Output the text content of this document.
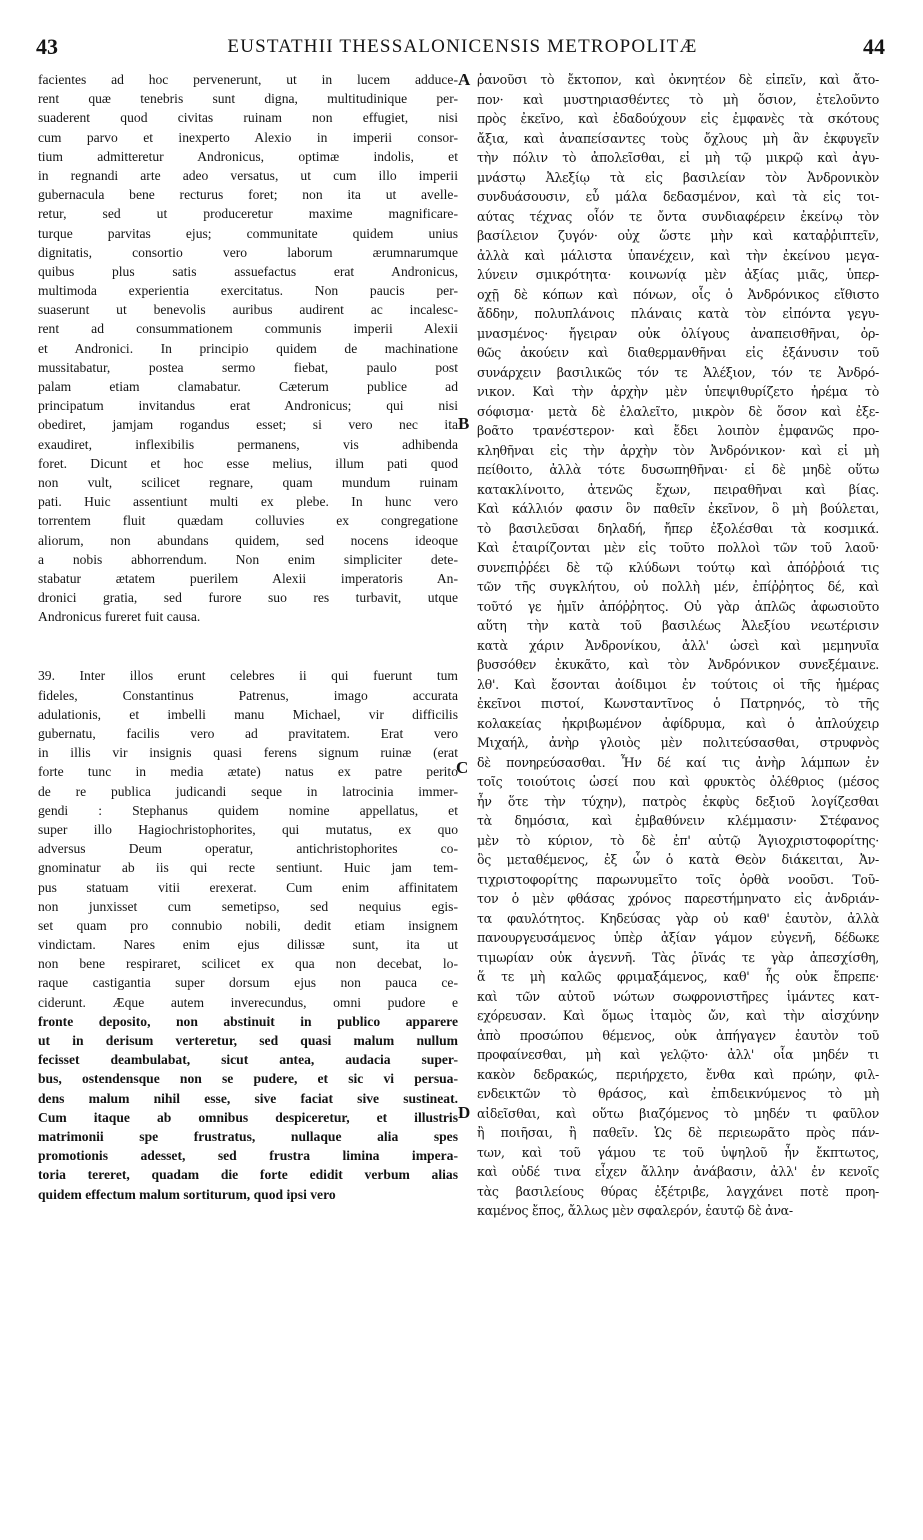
43	EUSTATHII THESSALONICENSIS METROPOLITÆ	44
facientes ad hoc pervenerunt, ut in lucem adduce-
rent quæ tenebris sunt digna, multitudinique per-
suaderent quod civitas ruinam non effugiet, nisi
cum parvo et inexperto Alexio in imperii consor-
tium admitteretur Andronicus, optimæ indolis, et
in regnandi arte adeo versatus, ut cum illo imperii
gubernacula bene recturus foret; non ita ut avelle-
retur, sed ut produceretur maxime magnificare-
turque parvitas ejus; communitate quidem unius
dignitatis, consortio vero laborum ærumnarumque
quibus plus satis assuefactus erat Andronicus,
multimoda experientia exercitatus. Non paucis per-
suaserunt ut benevolis auribus audirent ac incalesc-
rent ad consummationem communis imperii Alexii
et Andronici. In principio quidem de machinatione
mussitabatur, postea sermo fiebat, paulo post
palam etiam clamabatur. Cæterum publice ad
principatum invitandus erat Andronicus; qui nisi
obediret, jamjam rogandus esset; si vero nec ita
exaudiret, inflexibilis permanens, vis adhibenda
foret. Dicunt et hoc esse melius, illum pati quod
non vult, scilicet regnare, quam mundum ruinam
pati. Huic assentiunt multi ex plebe. In hunc vero
torrentem fluit quædam colluvies ex congregatione
aliorum, non abundans quidem, sed nocens ideoque
a nobis abhorrendum. Non enim simpliciter dete-
stabatur ætatem puerilem Alexii imperatoris An-
dronici gratia, sed furore suo res turbavit, utque
Andronicus fureret fuit causa.
39. Inter illos erunt celebres ii qui fuerunt tum
fideles, Constantinus Patrenus, imago accurata
adulationis, et imbelli manu Michael, vir difficilis
gubernatu, facilis vero ad pravitatem. Erat vero
in illis vir insignis quasi ferens signum ruinæ (erat
forte tunc in media ætate) natus ex patre perito
de re publica judicandi seque in latrocinia immer-
gendi : Stephanus quidem nomine appellatus, et
super illo Hagiochristophorites, qui mutatus, ex quo
adversus Deum operatur, antichristophorites co-
gnominatur ab iis qui recte sentiunt. Huic jam tem-
pus statuam vitii erexerat. Cum enim affinitatem
non junxisset cum semetipso, sed nequius egis-
set quam pro connubio nobili, dedit etiam insignem
vindictam. Nares enim ejus dilissæ sunt, ita ut
non bene respiraret, scilicet ex qua non decebat, lo-
raque castigantia super dorsum ejus non pauca ce-
ciderunt. Æque autem inverecundus, omni pudore e
fronte deposito, non abstinuit in publico apparere
ut in derisum verteretur, sed quasi malum nullum
fecisset deambulabat, sicut antea, audacia super-
bus, ostendensque non se pudere, et sic vi persua-
dens malum nihil esse, sive faciat sive sustineat.
Cum itaque ab omnibus despiceretur, et illustris
matrimonii spe frustratus, nullaque alia spes
promotionis adesset, sed frustra limina impera-
toria tereret, quadam die forte edidit verbum alias
quidem effectum malum sortiturum, quod ipsi vero
A
B
C
D
ῥανοῦσι τὸ ἔκτοπον, καὶ ὀκνητέον δὲ εἰπεῖν, καὶ ἄτο-
πον· καὶ μυστηριασθέντες τὸ μὴ ὅσιον, ἐτελοῦντο
πρὸς ἐκεῖνο, καὶ ἐδαδούχουν εἰς ἐμφανὲς τὰ σκότους
ἄξια, καὶ ἀναπείσαντες τοὺς ὄχλους μὴ ἂν ἐκφυγεῖν
τὴν πόλιν τὸ ἀπολεῖσθαι, εἰ μὴ τῷ μικρῷ καὶ ἀγυ-
μνάστῳ Ἀλεξίῳ τὰ εἰς βασιλείαν τὸν Ἀνδρονικὸν
συνδυάσουσιν, εὖ μάλα δεδασμένον, καὶ τὰ εἰς τοι-
αύτας τέχνας οἷόν τε ὄντα συνδιαφέρειν ἐκείνῳ τὸν
βασίλειον ζυγόν· οὐχ ὥστε μὴν καὶ καταῤῥιπτεῖν,
ἀλλὰ καὶ μάλιστα ὑπανέχειν, καὶ τὴν ἐκείνου μεγα-
λύνειν σμικρότητα· κοινωνίᾳ μὲν ἀξίας μιᾶς, ὑπερ-
οχῇ δὲ κόπων καὶ πόνων, οἷς ὁ Ἀνδρόνικος εἴθιστο
ἄδδην, πολυπλάνοις πλάναις κατὰ τὸν εἰπόντα γεγυ-
μνασμένος· ἤγειραν οὐκ ὀλίγους ἀναπεισθῆναι, ὀρ-
θῶς ἀκούειν καὶ διαθερμανθῆναι εἰς ἐξάνυσιν τοῦ
συνάρχειν βασιλικῶς τόν τε Ἀλέξιον, τόν τε Ἀνδρό-
νικον. Καὶ τὴν ἀρχὴν μὲν ὑπεψιθυρίζετο ἠρέμα τὸ
σόφισμα· μετὰ δὲ ἐλαλεῖτο, μικρὸν δὲ ὅσον καὶ ἐξε-
βοᾶτο τρανέστερον· καὶ ἔδει λοιπὸν ἐμφανῶς προ-
κληθῆναι εἰς τὴν ἀρχὴν τὸν Ἀνδρόνικον· καὶ εἰ μὴ
πείθοιτο, ἀλλὰ τότε δυσωπηθῆναι· εἰ δὲ μηδὲ οὕτω
κατακλίνοιτο, ἀτενῶς ἔχων, πειραθῆναι καὶ βίας.
Καὶ κάλλιόν φασιν ὃν παθεῖν ἐκεῖνον, ὃ μὴ βούλεται,
τὸ βασιλεῦσαι δηλαδή, ἤπερ ἐξολέσθαι τὰ κοσμικά.
Καὶ ἑταιρίζονται μὲν εἰς τοῦτο πολλοὶ τῶν τοῦ λαοῦ·
συνεπιῤῥέει δὲ τῷ κλύδωνι τούτῳ καὶ ἀπόῤῥοιά τις
τῶν τῆς συγκλήτου, οὐ πολλὴ μέν, ἐπίῤῥητος δέ, καὶ
τοῦτό γε ἡμῖν ἀπόῤῥητος. Οὐ γὰρ ἁπλῶς ἀφωσιοῦτο
αὕτη τὴν κατὰ τοῦ βασιλέως Ἀλεξίου νεωτέρισιν
κατὰ χάριν Ἀνδρονίκου, ἀλλ' ὡσεὶ καὶ μεμηνυῖα
βυσσόθεν ἐκυκᾶτο, καὶ τὸν Ἀνδρόνικον συνεξέμαινε.
λθ'. Καὶ ἔσονται ἀοίδιμοι ἐν τούτοις οἱ τῆς ἡμέρας
ἐκεῖνοι πιστοί, Κωνσταντῖνος ὁ Πατρηνός, τὸ τῆς
κολακείας ἠκριβωμένον ἀφίδρυμα, καὶ ὁ ἀπλούχειρ
Μιχαήλ, ἀνὴρ γλοιὸς μὲν πολιτεύσασθαι, στρυφνὸς
δὲ πονηρεύσασθαι. Ἦν δέ καί τις ἀνὴρ λάμπων ἐν
τοῖς τοιούτοις ὡσεί που καὶ φρυκτὸς ὀλέθριος (μέσος
ἦν ὅτε τὴν τύχην), πατρὸς ἐκφὺς δεξιοῦ λογίζεσθαι
τὰ δημόσια, καὶ ἐμβαθύνειν κλέμμασιν· Στέφανος
μὲν τὸ κύριον, τὸ δὲ ἐπ' αὐτῷ Ἁγιοχριστοφορίτης·
ὃς μεταθέμενος, ἐξ ὧν ὁ κατὰ Θεὸν διάκειται, Ἀν-
τιχριστοφορίτης παρωνυμεῖτο τοῖς ὀρθὰ νοοῦσι. Τοῦ-
τον ὁ μὲν φθάσας χρόνος παρεστήμηνατο εἰς ἀνδριάν-
τα φαυλότητος. Κηδεύσας γὰρ οὐ καθ' ἑαυτὸν, ἀλλὰ
πανουργευσάμενος ὑπὲρ ἀξίαν γάμον εὐγενῆ, δέδωκε
τιμωρίαν οὐκ ἀγεννῆ. Τὰς ῥῖνάς τε γὰρ ἀπεσχίσθη,
ἅ τε μὴ καλῶς φριμαξάμενος, καθ' ἧς οὐκ ἔπρεπε·
καὶ τῶν αὐτοῦ νώτων σωφρονιστῆρες ἱμάντες κατ-
εχόρευσαν. Καὶ ὅμως ἰταμὸς ὤν, καὶ τὴν αἰσχύνην
ἀπὸ προσώπου θέμενος, οὐκ ἀπήγαγεν ἑαυτὸν τοῦ
προφαίνεσθαι, μὴ καὶ γελῷτο· ἀλλ' οἷα μηδέν τι
κακὸν δεδρακώς, περιήρχετο, ἔνθα καὶ πρώην, φιλ-
ενδεικτῶν τὸ θράσος, καὶ ἐπιδεικνύμενος τὸ μὴ
αἰδεῖσθαι, καὶ οὕτω βιαζόμενος τὸ μηδέν τι φαῦλον
ἢ ποιῆσαι, ἢ παθεῖν. Ὡς δὲ περιεωρᾶτο πρὸς πάν-
των, καὶ τοῦ γάμου τε τοῦ ὑψηλοῦ ἦν ἔκπτωτος,
καὶ οὐδέ τινα εἶχεν ἄλλην ἀνάβασιν, ἀλλ' ἐν κενοῖς
τὰς βασιλείους θύρας ἐξέτριβε, λαγχάνει ποτὲ προη-
καμένος ἔπος, ἄλλως μὲν σφαλερόν, ἑαυτῷ δὲ ἀνα-
